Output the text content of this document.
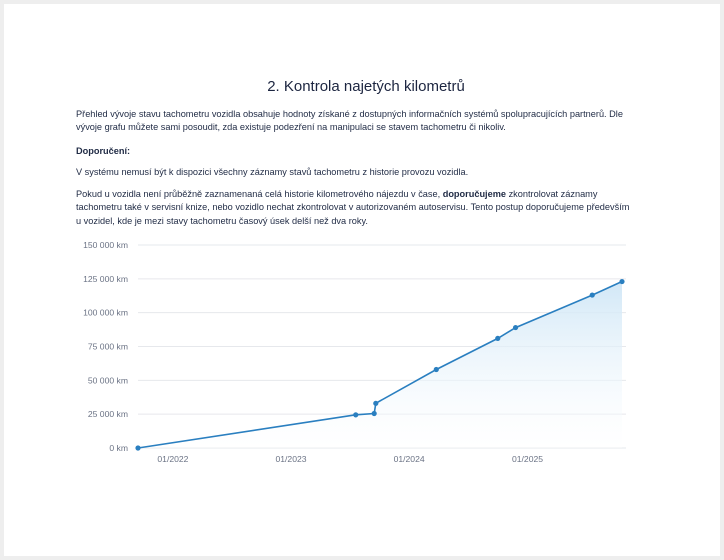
2. Kontrola najetých kilometrů
Přehled vývoje stavu tachometru vozidla obsahuje hodnoty získané z dostupných informačních systémů spolupracujících partnerů. Dle vývoje grafu můžete sami posoudit, zda existuje podezření na manipulaci se stavem tachometru či nikoliv.
Doporučení:
V systému nemusí být k dispozici všechny záznamy stavů tachometru z historie provozu vozidla.
Pokud u vozidla není průběžně zaznamenaná celá historie kilometrového nájezdu v čase, doporučujeme zkontrolovat záznamy tachometru také v servisní knize, nebo vozidlo nechat zkontrolovat v autorizovaném autoservisu. Tento postup doporučujeme především u vozidel, kde je mezi stavy tachometru časový úsek delší než dva roky.
0 km
25 000 km
50 000 km
75 000 km
100 000 km
125 000 km
150 000 km
01/2022	01/2023	01/2024	01/2025
